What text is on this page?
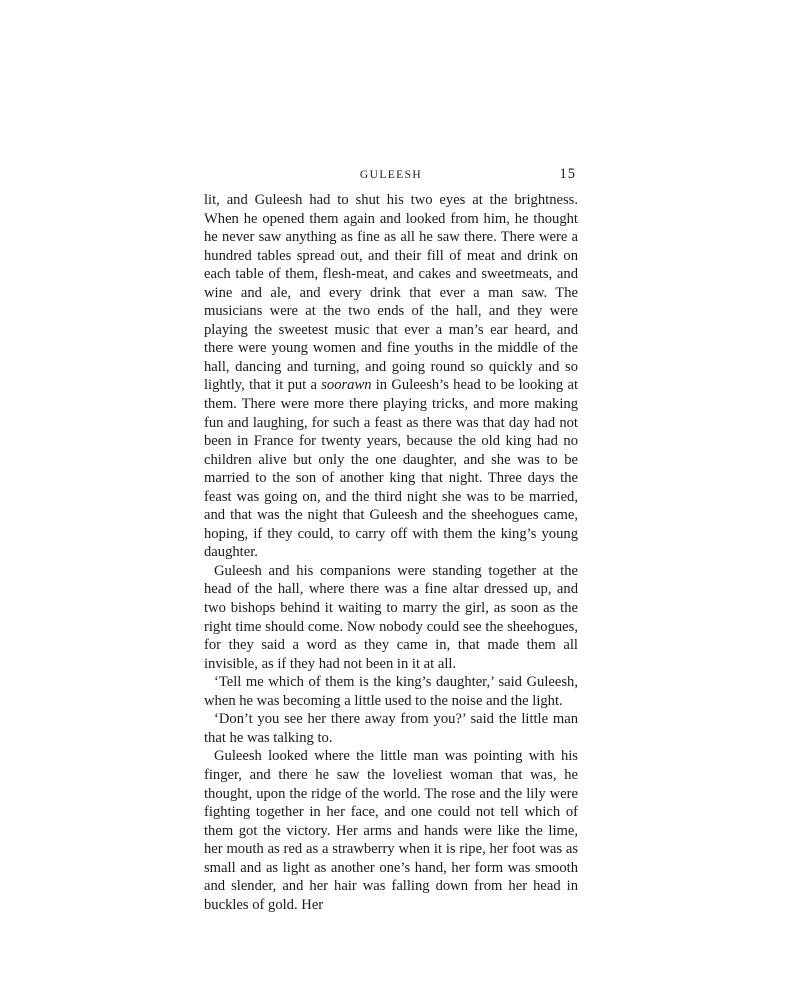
GULEESH	15

lit, and Guleesh had to shut his two eyes at the brightness. When he opened them again and looked from him, he thought he never saw anything as fine as all he saw there. There were a hundred tables spread out, and their fill of meat and drink on each table of them, flesh-meat, and cakes and sweetmeats, and wine and ale, and every drink that ever a man saw. The musicians were at the two ends of the hall, and they were playing the sweetest music that ever a man’s ear heard, and there were young women and fine youths in the middle of the hall, dancing and turning, and going round so quickly and so lightly, that it put a soorawn in Guleesh’s head to be looking at them. There were more there playing tricks, and more making fun and laughing, for such a feast as there was that day had not been in France for twenty years, because the old king had no children alive but only the one daughter, and she was to be married to the son of another king that night. Three days the feast was going on, and the third night she was to be married, and that was the night that Guleesh and the sheehogues came, hoping, if they could, to carry off with them the king’s young daughter.

Guleesh and his companions were standing together at the head of the hall, where there was a fine altar dressed up, and two bishops behind it waiting to marry the girl, as soon as the right time should come. Now nobody could see the sheehogues, for they said a word as they came in, that made them all invisible, as if they had not been in it at all.

‘Tell me which of them is the king’s daughter,’ said Guleesh, when he was becoming a little used to the noise and the light.

‘Don’t you see her there away from you?’ said the little man that he was talking to.

Guleesh looked where the little man was pointing with his finger, and there he saw the loveliest woman that was, he thought, upon the ridge of the world. The rose and the lily were fighting together in her face, and one could not tell which of them got the victory. Her arms and hands were like the lime, her mouth as red as a strawberry when it is ripe, her foot was as small and as light as another one’s hand, her form was smooth and slender, and her hair was falling down from her head in buckles of gold. Her
